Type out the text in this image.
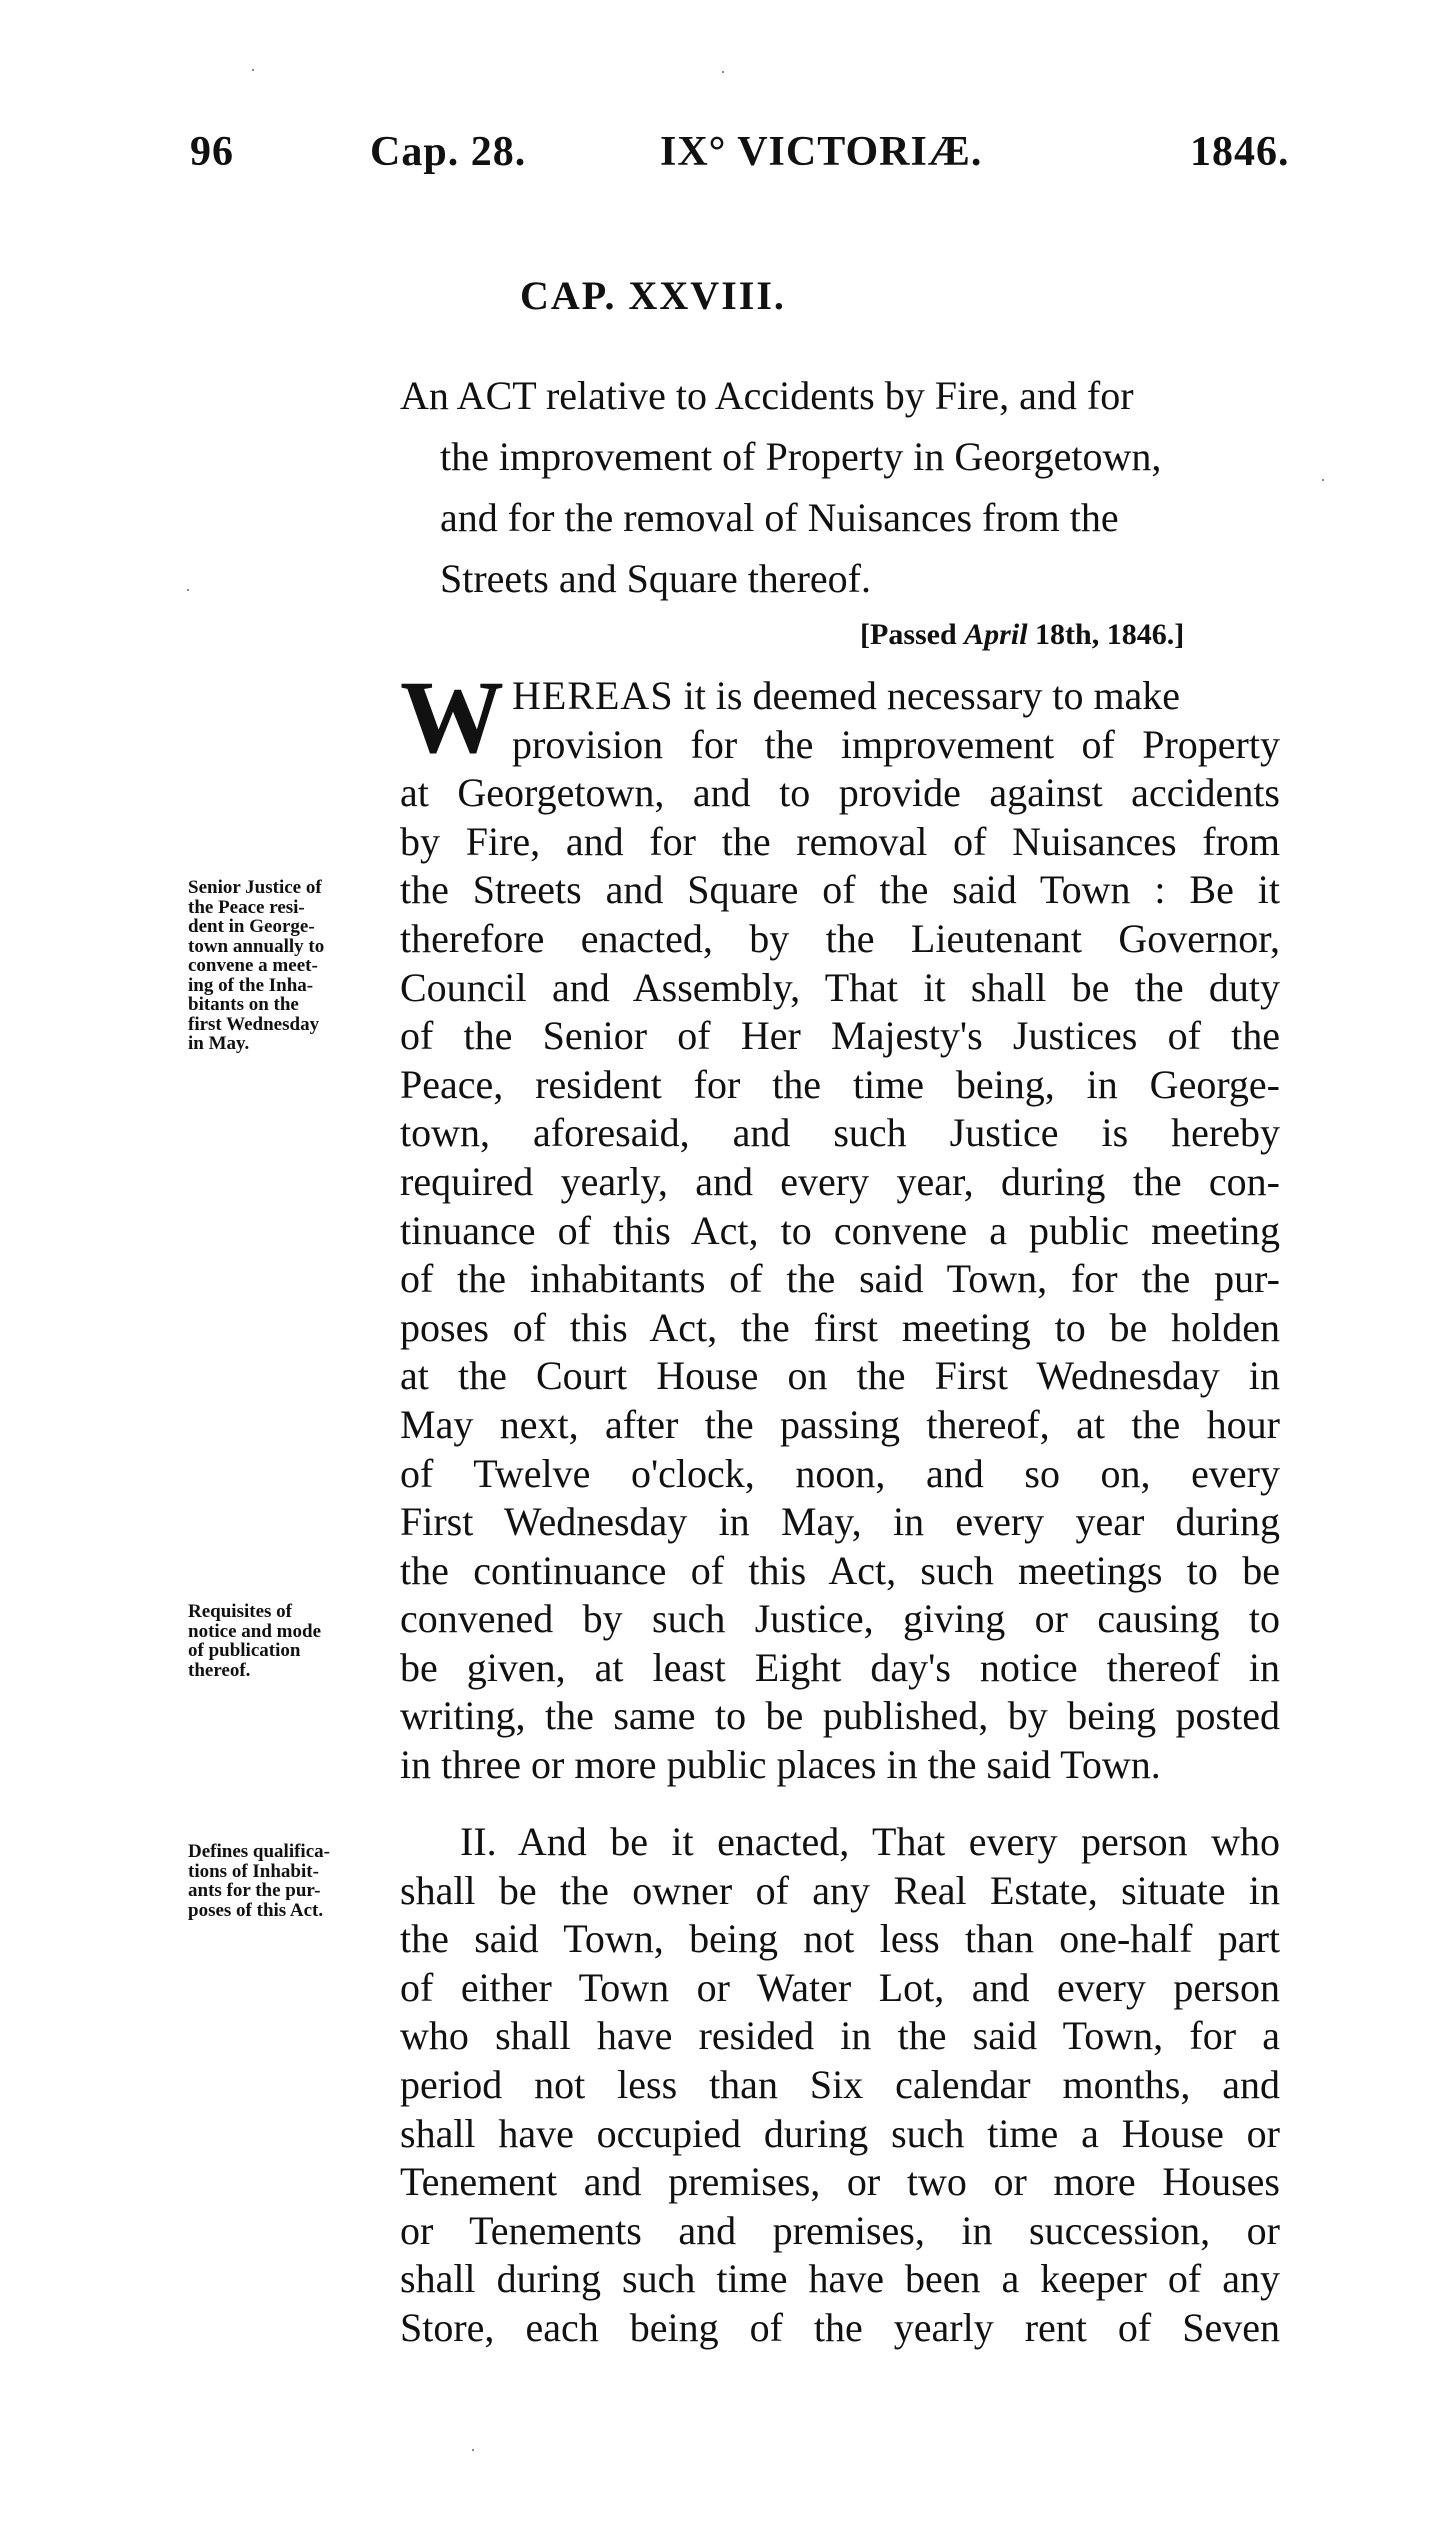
96	Cap. 28.	IX° VICTORIÆ.	1846.
CAP. XXVIII.
An ACT relative to Accidents by Fire, and for
the improvement of Property in Georgetown,
and for the removal of Nuisances from the
Streets and Square thereof.
[Passed April 18th, 1846.]
W HEREAS it is deemed necessary to make
provision for the improvement of Property
at Georgetown, and to provide against accidents
by Fire, and for the removal of Nuisances from
the Streets and Square of the said Town : Be it
therefore enacted, by the Lieutenant Governor,
Council and Assembly, That it shall be the duty
of the Senior of Her Majesty's Justices of the
Peace, resident for the time being, in George-
town, aforesaid, and such Justice is hereby
required yearly, and every year, during the con-
tinuance of this Act, to convene a public meeting
of the inhabitants of the said Town, for the pur-
poses of this Act, the first meeting to be holden
at the Court House on the First Wednesday in
May next, after the passing thereof, at the hour
of Twelve o'clock, noon, and so on, every
First Wednesday in May, in every year during
the continuance of this Act, such meetings to be
convened by such Justice, giving or causing to
be given, at least Eight day's notice thereof in
writing, the same to be published, by being posted
in three or more public places in the said Town.
II. And be it enacted, That every person who
shall be the owner of any Real Estate, situate in
the said Town, being not less than one-half part
of either Town or Water Lot, and every person
who shall have resided in the said Town, for a
period not less than Six calendar months, and
shall have occupied during such time a House or
Tenement and premises, or two or more Houses
or Tenements and premises, in succession, or
shall during such time have been a keeper of any
Store, each being of the yearly rent of Seven
Senior Justice of
the Peace resi-
dent in George-
town annually to
convene a meet-
ing of the Inha-
bitants on the
first Wednesday
in May.
Requisites of
notice and mode
of publication
thereof.
Defines qualifica-
tions of Inhabit-
ants for the pur-
poses of this Act.
·	·
·
·
·
